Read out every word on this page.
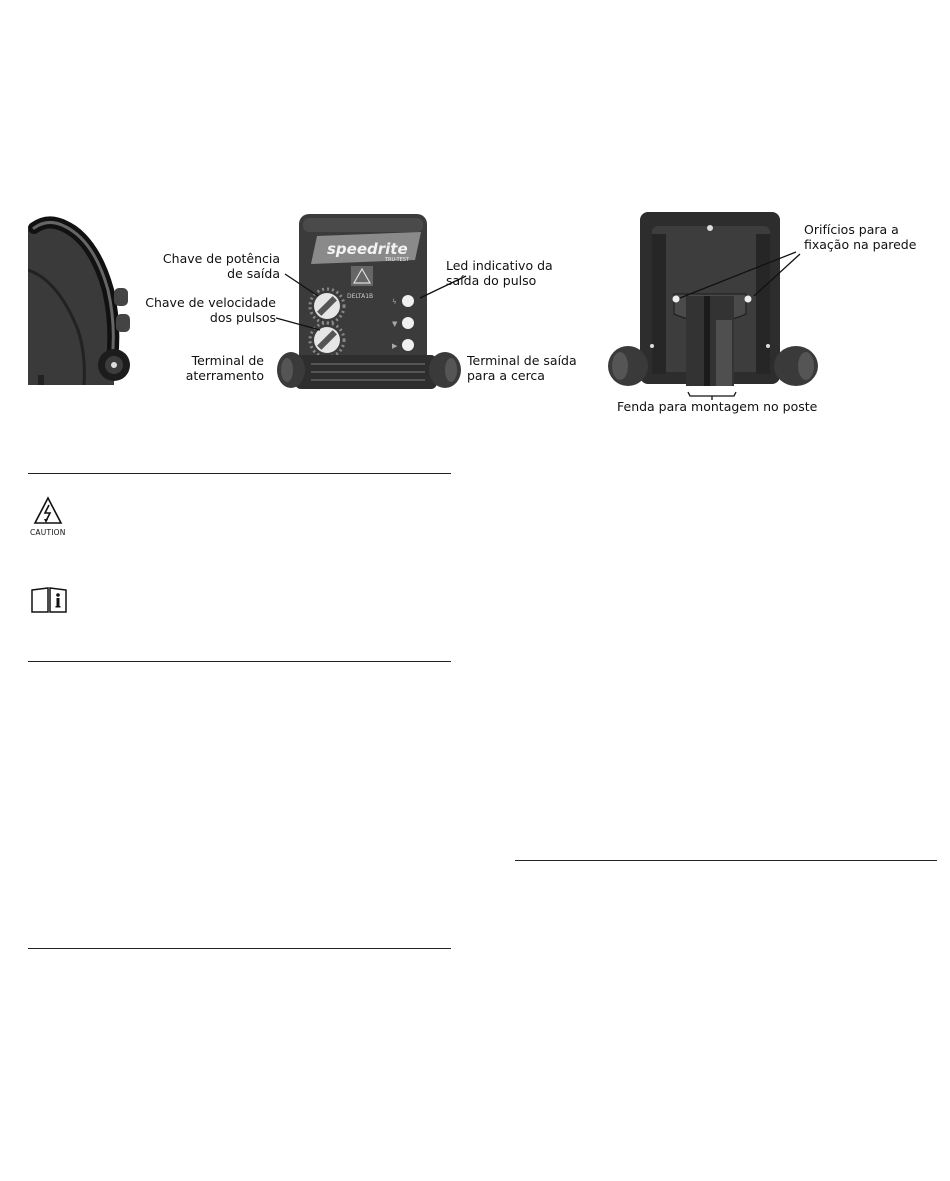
speedrite
TRU-TEST
DELTA1B
ϟ
▼
▶
Chave de potência
de saída
Chave de velocidade
dos pulsos
Terminal de
aterramento
Led indicativo da
saída do pulso
Terminal de saída
para a cerca
Orifícios para a
fixação na parede
Fenda para montagem no poste
CAUTION
